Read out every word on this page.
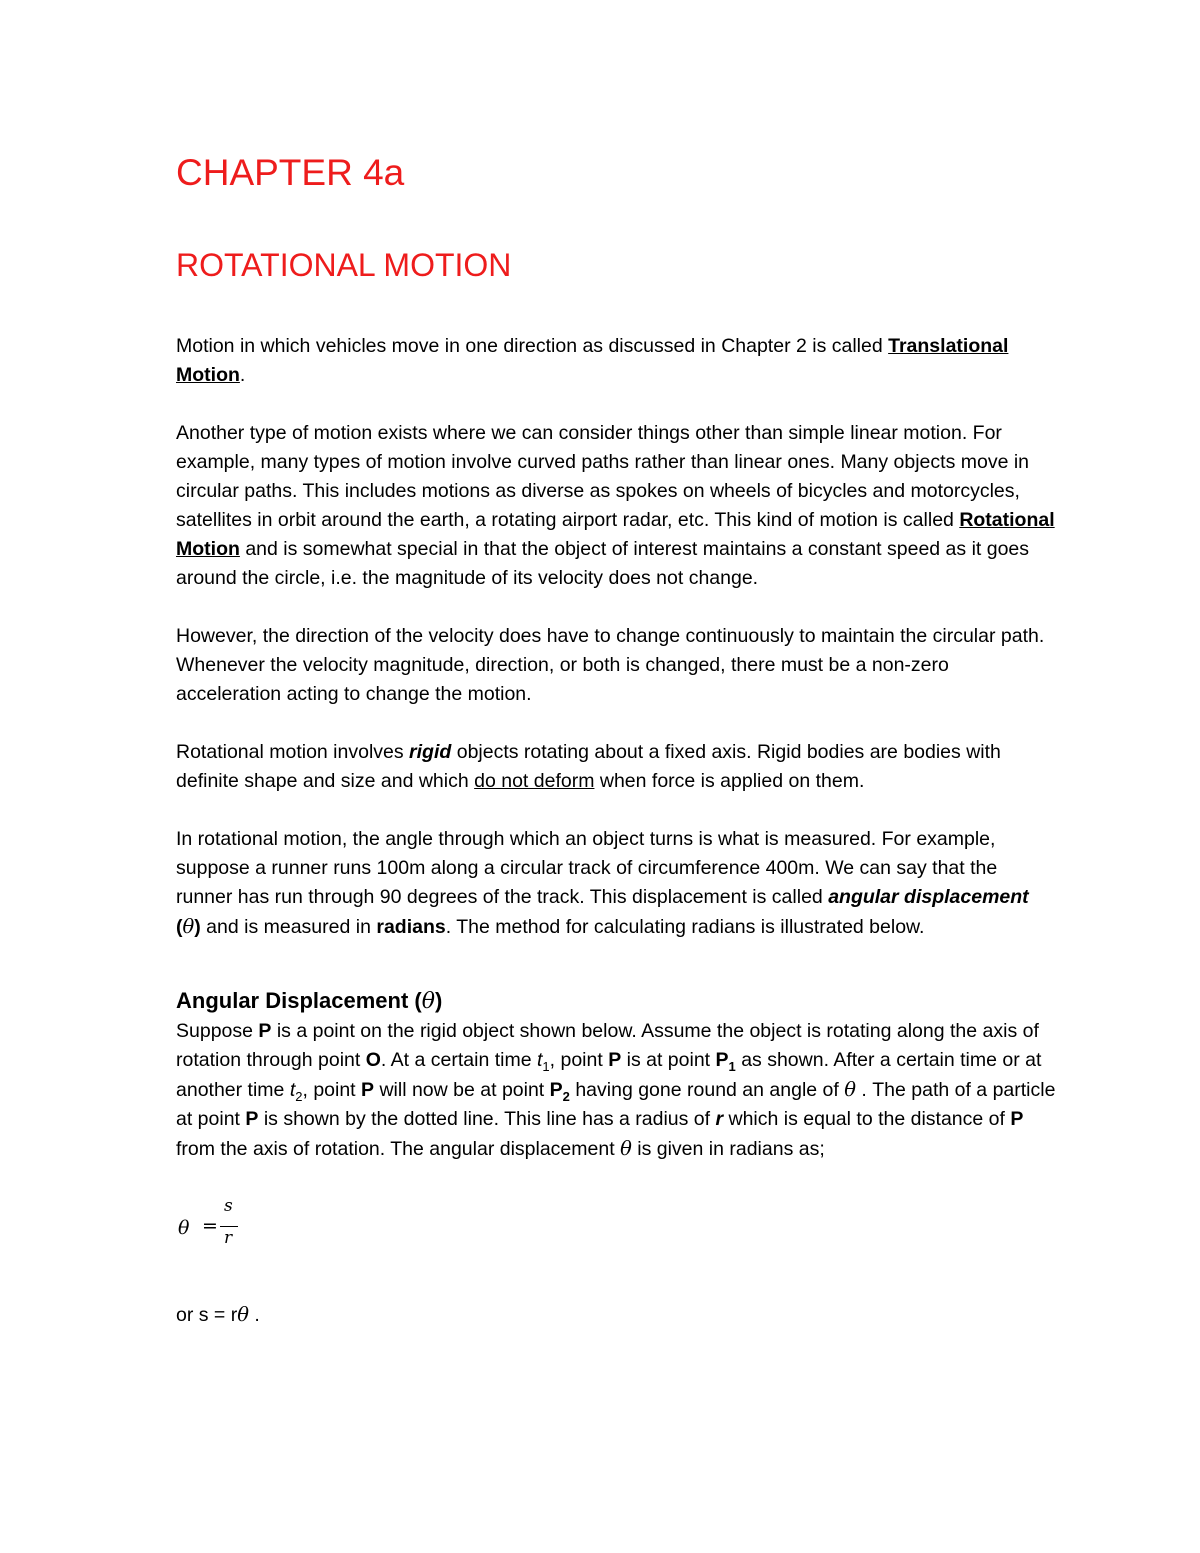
CHAPTER 4a
ROTATIONAL MOTION

Motion in which vehicles move in one direction as discussed in Chapter 2 is called Translational Motion.

Another type of motion exists where we can consider things other than simple linear motion. For example, many types of motion involve curved paths rather than linear ones. Many objects move in circular paths. This includes motions as diverse as spokes on wheels of bicycles and motorcycles, satellites in orbit around the earth, a rotating airport radar, etc. This kind of motion is called Rotational Motion and is somewhat special in that the object of interest maintains a constant speed as it goes around the circle, i.e. the magnitude of its velocity does not change.

However, the direction of the velocity does have to change continuously to maintain the circular path. Whenever the velocity magnitude, direction, or both is changed, there must be a non-zero acceleration acting to change the motion.

Rotational motion involves rigid objects rotating about a fixed axis. Rigid bodies are bodies with definite shape and size and which do not deform when force is applied on them.

In rotational motion, the angle through which an object turns is what is measured. For example, suppose a runner runs 100m along a circular track of circumference 400m. We can say that the runner has run through 90 degrees of the track. This displacement is called angular displacement (θ) and is measured in radians. The method for calculating radians is illustrated below.

Angular Displacement (θ)

Suppose P is a point on the rigid object shown below. Assume the object is rotating along the axis of rotation through point O. At a certain time $t_1$, point P is at point $P_1$ as shown. After a certain time or at another time $t_2$, point P will now be at point $P_2$ having gone round an angle of θ . The path of a particle at point P is shown by the dotted line. This line has a radius of r which is equal to the distance of P from the axis of rotation. The angular displacement θ is given in radians as;

θ =
s
r

or s = rθ .
